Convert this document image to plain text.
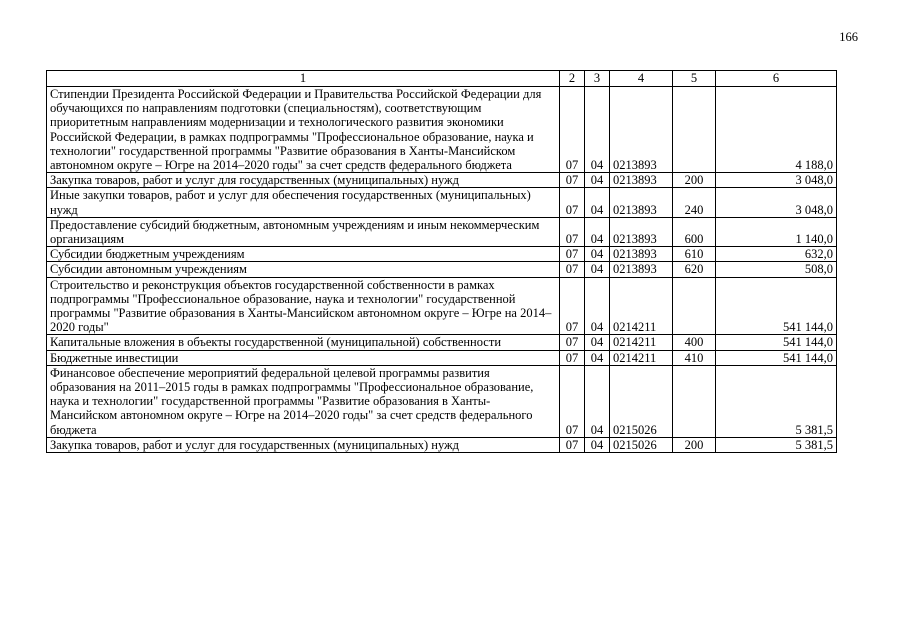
166
1	2	3	4	5	6
Стипендии Президента Российской Федерации и Правительства Российской Федерации для обучающихся по направлениям подготовки (специальностям), соответствующим приоритетным направлениям модернизации и технологического развития экономики Российской Федерации, в рамках подпрограммы "Профессиональное образование, наука и технологии" государственной программы "Развитие образования в Ханты-Мансийском автономном округе – Югре на 2014–2020 годы" за счет средств федерального бюджета	07	04	0213893		4 188,0
Закупка товаров, работ и услуг для государственных (муниципальных) нужд	07	04	0213893	200	3 048,0
Иные закупки товаров, работ и услуг для обеспечения государственных (муниципальных) нужд	07	04	0213893	240	3 048,0
Предоставление субсидий бюджетным, автономным учреждениям и иным некоммерческим организациям	07	04	0213893	600	1 140,0
Субсидии бюджетным учреждениям	07	04	0213893	610	632,0
Субсидии автономным учреждениям	07	04	0213893	620	508,0
Строительство и реконструкция объектов государственной собственности в рамках подпрограммы "Профессиональное образование, наука и технологии" государственной программы "Развитие образования в Ханты-Мансийском автономном округе – Югре на 2014–2020 годы"	07	04	0214211		541 144,0
Капитальные вложения в объекты государственной (муниципальной) собственности	07	04	0214211	400	541 144,0
Бюджетные инвестиции	07	04	0214211	410	541 144,0
Финансовое обеспечение мероприятий федеральной целевой программы развития образования на 2011–2015 годы в рамках подпрограммы "Профессиональное образование, наука и технологии" государственной программы "Развитие образования в Ханты-Мансийском автономном округе – Югре на 2014–2020 годы" за счет средств федерального бюджета	07	04	0215026		5 381,5
Закупка товаров, работ и услуг для государственных (муниципальных) нужд	07	04	0215026	200	5 381,5
